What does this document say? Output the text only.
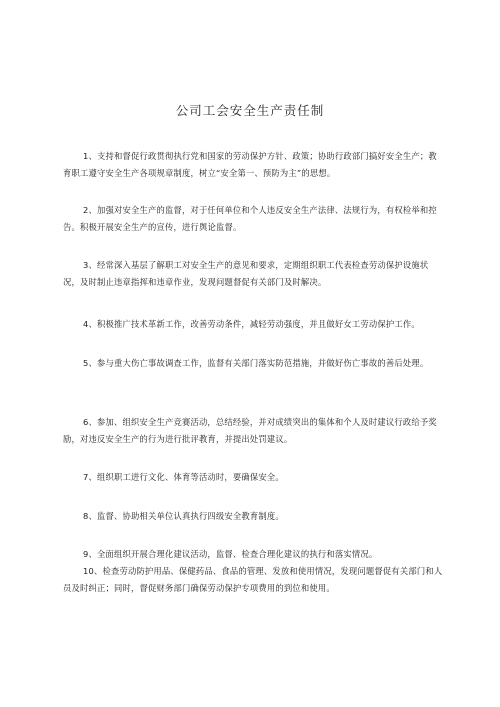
公司工会安全生产责任制
1、支持和督促行政贯彻执行党和国家的劳动保护方针、政策；协助行政部门搞好安全生产；教育职工遵守安全生产各项规章制度，树立“安全第一、预防为主”的思想。
2、加强对安全生产的监督，对于任何单位和个人违反安全生产法律、法规行为，有权检举和控告。积极开展安全生产的宣传，进行舆论监督。
3、经常深入基层了解职工对安全生产的意见和要求，定期组织职工代表检查劳动保护设施状况，及时制止违章指挥和违章作业，发现问题督促有关部门及时解决。
4、积极推广技术革新工作，改善劳动条件，减轻劳动强度，并且做好女工劳动保护工作。
5、参与重大伤亡事故调查工作，监督有关部门落实防范措施，并做好伤亡事故的善后处理。
6、参加、组织安全生产竞赛活动，总结经验，并对成绩突出的集体和个人及时建议行政给予奖励，对违反安全生产的行为进行批评教育，并提出处罚建议。
7、组织职工进行文化、体育等活动时，要确保安全。
8、监督、协助相关单位认真执行四级安全教育制度。
9、全面组织开展合理化建议活动，监督、检查合理化建议的执行和落实情况。
10、检查劳动防护用品、保健药品、食品的管理、发放和使用情况，发现问题督促有关部门和人员及时纠正；同时，督促财务部门确保劳动保护专项费用的到位和使用。
